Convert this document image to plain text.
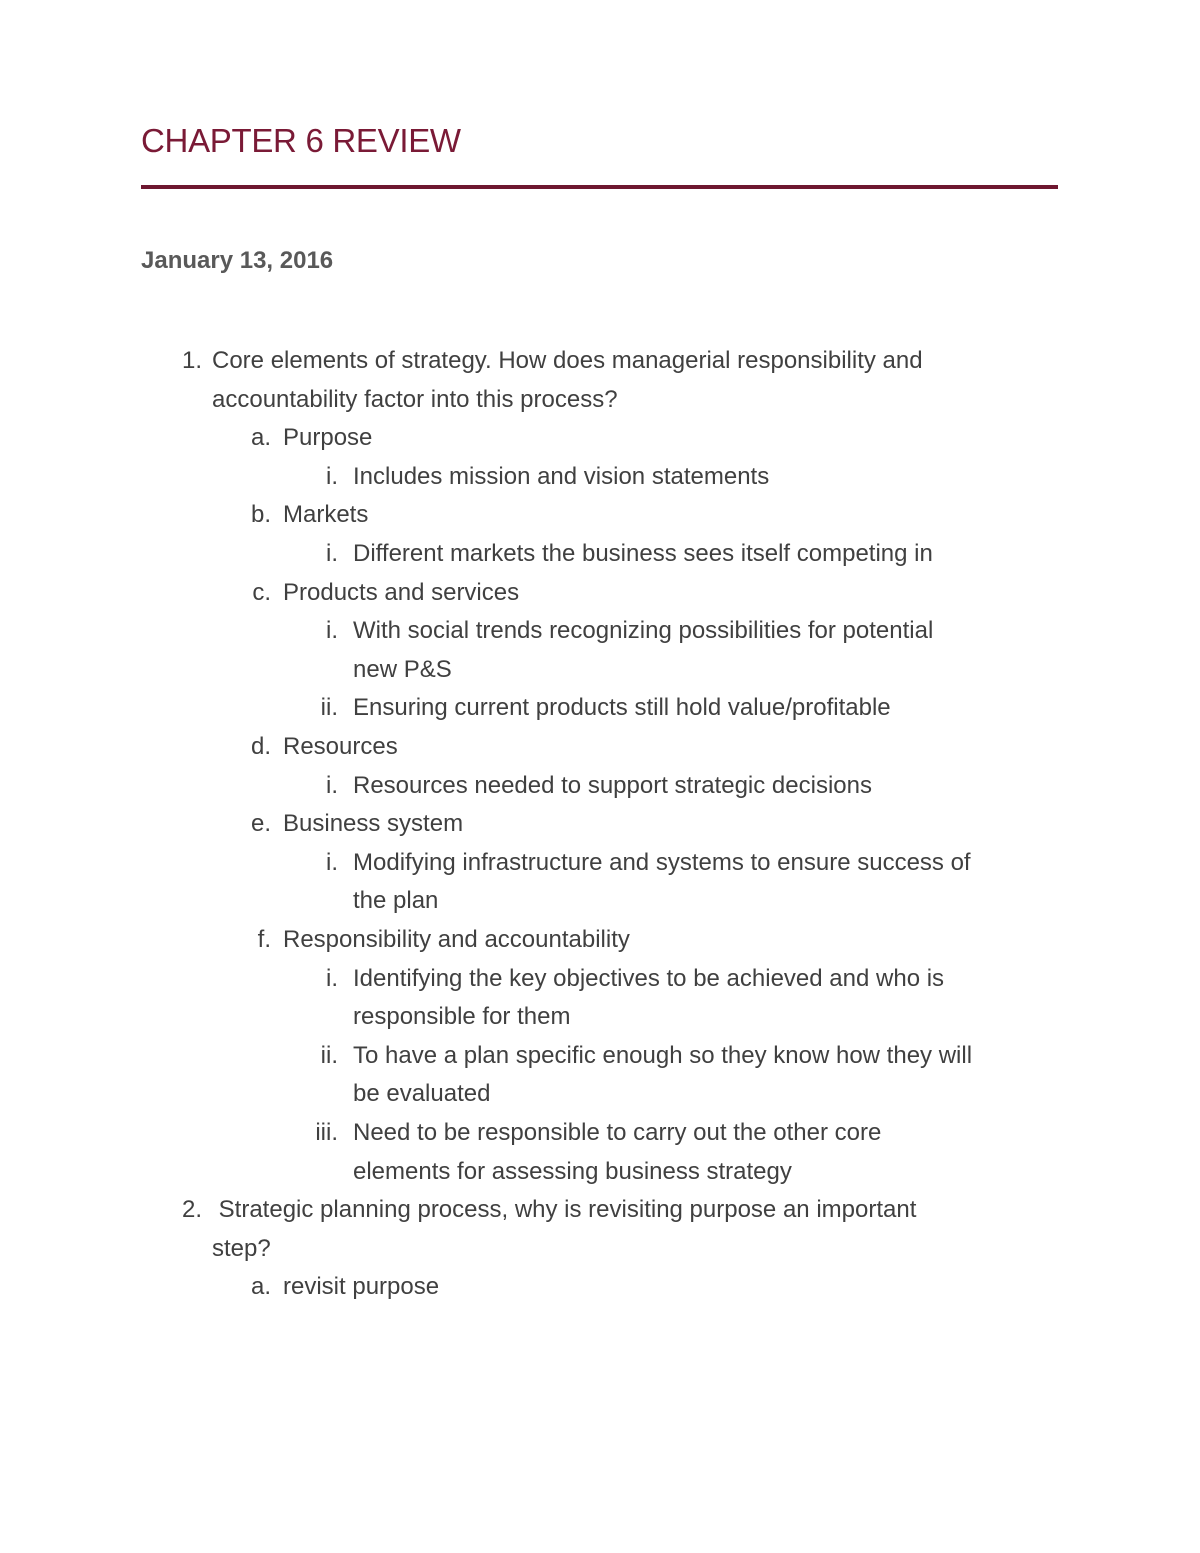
CHAPTER 6 REVIEW
January 13, 2016
1. Core elements of strategy. How does managerial responsibility and
accountability factor into this process?
a. Purpose
i. Includes mission and vision statements
b. Markets
i. Different markets the business sees itself competing in
c. Products and services
i. With social trends recognizing possibilities for potential
new P&S
ii. Ensuring current products still hold value/profitable
d. Resources
i. Resources needed to support strategic decisions
e. Business system
i. Modifying infrastructure and systems to ensure success of
the plan
f. Responsibility and accountability
i. Identifying the key objectives to be achieved and who is
responsible for them
ii. To have a plan specific enough so they know how they will
be evaluated
iii. Need to be responsible to carry out the other core
elements for assessing business strategy
2. Strategic planning process, why is revisiting purpose an important
step?
a. revisit purpose
